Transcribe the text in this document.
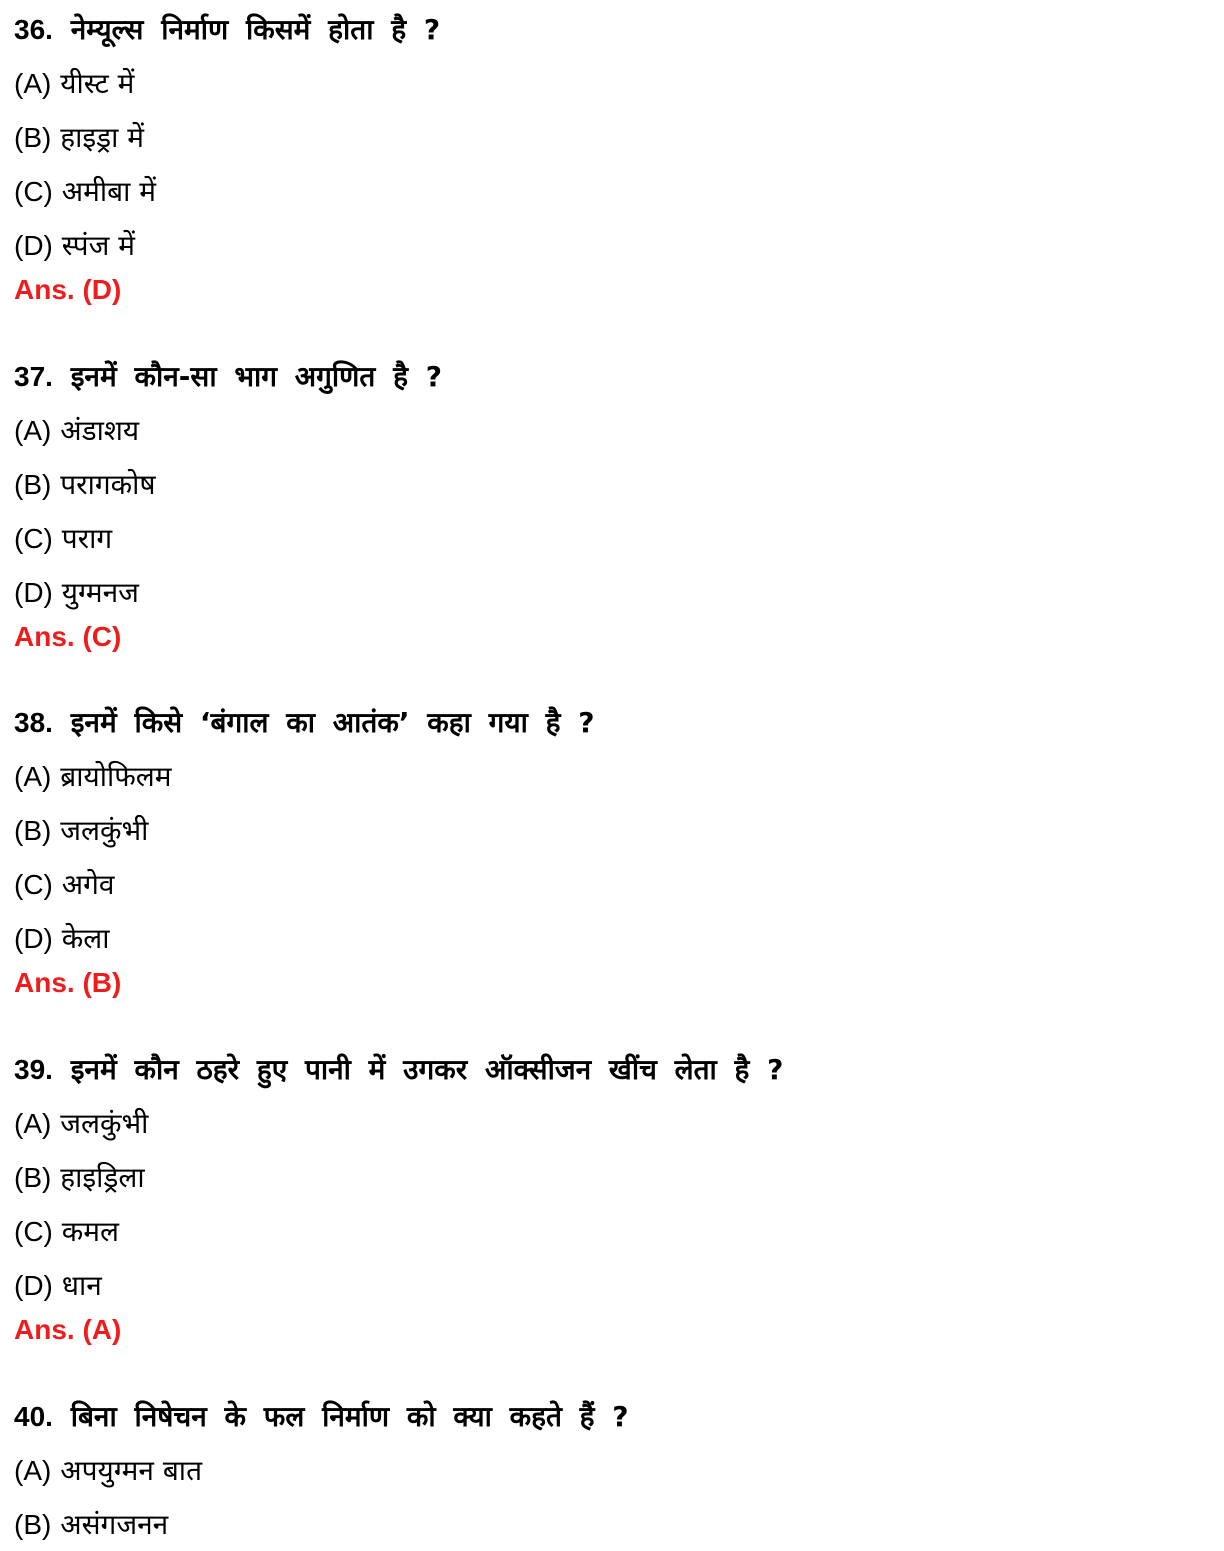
36. नेम्यूल्स निर्माण किसमें होता है ?
(A) यीस्ट में
(B) हाइड्रा में
(C) अमीबा में
(D) स्पंज में
Ans. (D)
37. इनमें कौन-सा भाग अगुणित है ?
(A) अंडाशय
(B) परागकोष
(C) पराग
(D) युग्मनज
Ans. (C)
38. इनमें किसे ‘बंगाल का आतंक’ कहा गया है ?
(A) ब्रायोफिलम
(B) जलकुंभी
(C) अगेव
(D) केला
Ans. (B)
39. इनमें कौन ठहरे हुए पानी में उगकर ऑक्सीजन खींच लेता है ?
(A) जलकुंभी
(B) हाइड्रिला
(C) कमल
(D) धान
Ans. (A)
40. बिना निषेचन के फल निर्माण को क्या कहते हैं ?
(A) अपयुग्मन बात
(B) असंगजनन
